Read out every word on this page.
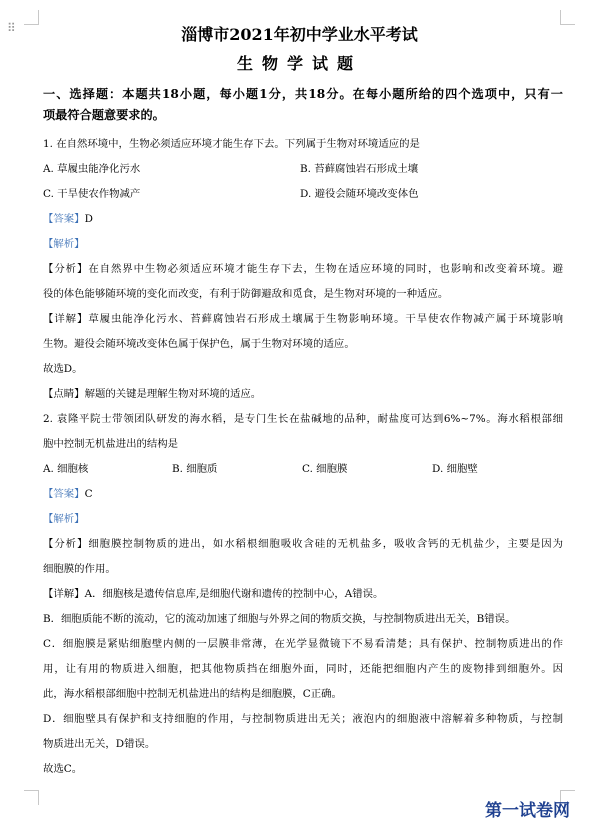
⠿	淄博市2021年初中学业水平考试
生物学试题
一、选择题：本题共18小题，每小题1分，共18分。在每小题所给的四个选项中，只有一
项最符合题意要求的。
1. 在自然环境中，生物必须适应环境才能生存下去。下列属于生物对环境适应的是
A. 草履虫能净化污水	B. 苔藓腐蚀岩石形成土壤
C. 干旱使农作物减产	D. 避役会随环境改变体色
【答案】D
【解析】
【分析】在自然界中生物必须适应环境才能生存下去，生物在适应环境的同时，也影响和改变着环境。避
役的体色能够随环境的变化而改变，有利于防御避敌和觅食，是生物对环境的一种适应。
【详解】草履虫能净化污水、苔藓腐蚀岩石形成土壤属于生物影响环境。干旱使农作物减产属于环境影响
生物。避役会随环境改变体色属于保护色，属于生物对环境的适应。
故选D。
【点睛】解题的关键是理解生物对环境的适应。
2. 袁隆平院士带领团队研发的海水稻，是专门生长在盐碱地的品种，耐盐度可达到6%~7%。海水稻根部细
胞中控制无机盐进出的结构是
A. 细胞核	B. 细胞质	C. 细胞膜	D. 细胞壁
【答案】C
【解析】
【分析】细胞膜控制物质的进出，如水稻根细胞吸收含硅的无机盐多，吸收含钙的无机盐少，主要是因为
细胞膜的作用。
【详解】A．细胞核是遗传信息库,是细胞代谢和遗传的控制中心，A错误。
B．细胞质能不断的流动，它的流动加速了细胞与外界之间的物质交换，与控制物质进出无关，B错误。
C．细胞膜是紧贴细胞壁内侧的一层膜非常薄，在光学显微镜下不易看清楚；具有保护、控制物质进出的作
用，让有用的物质进入细胞，把其他物质挡在细胞外面，同时，还能把细胞内产生的废物排到细胞外。因
此，海水稻根部细胞中控制无机盐进出的结构是细胞膜，C正确。
D．细胞壁具有保护和支持细胞的作用，与控制物质进出无关；液泡内的细胞液中溶解着多种物质，与控制
物质进出无关，D错误。
故选C。
第一试卷网
